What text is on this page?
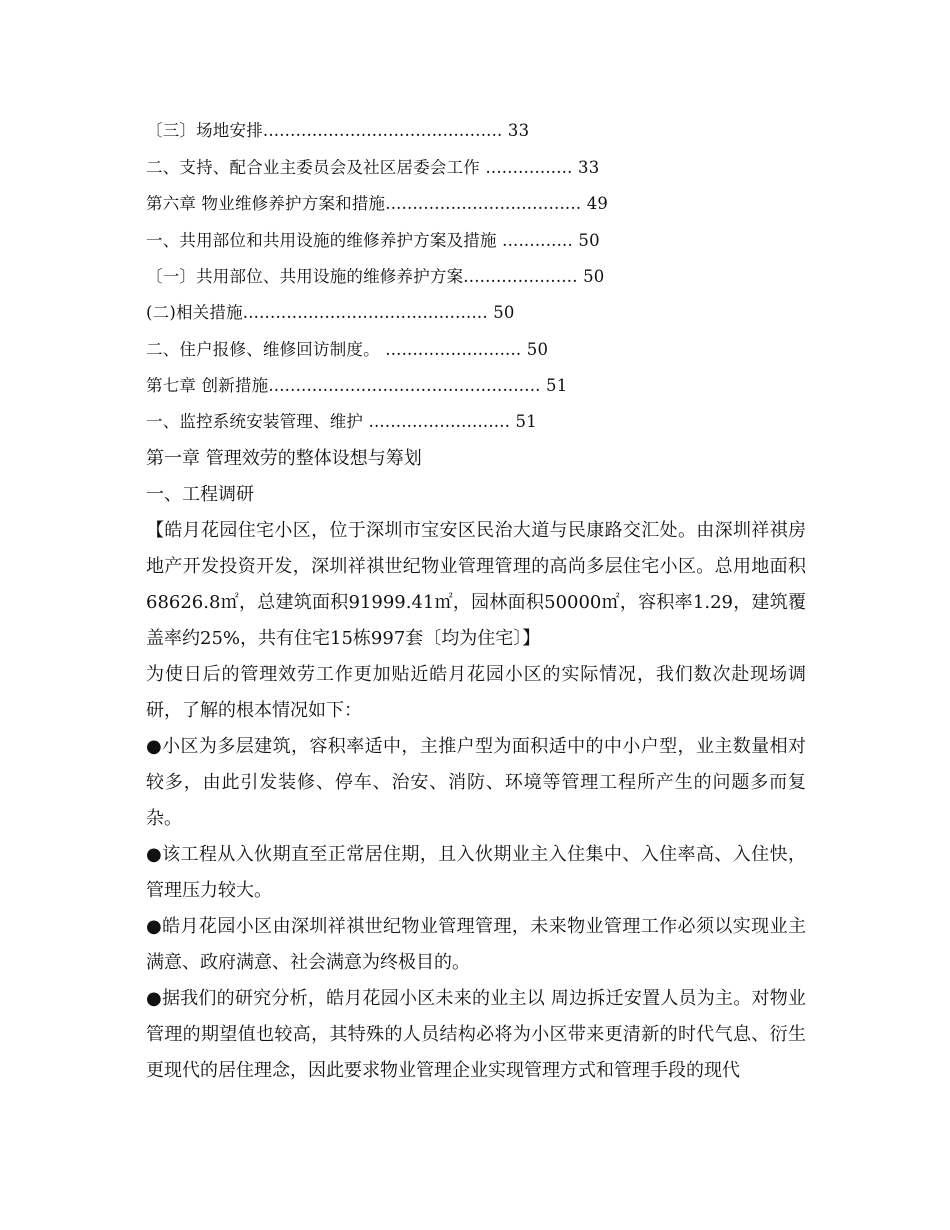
〔三〕场地安排............................................ 33
二、支持、配合业主委员会及社区居委会工作 ................ 33
第六章 物业维修养护方案和措施.................................... 49
一、共用部位和共用设施的维修养护方案及措施 ............. 50
〔一〕共用部位、共用设施的维修养护方案..................... 50
(二)相关措施............................................. 50
二、住户报修、维修回访制度。 ......................... 50
第七章 创新措施.................................................. 51
一、监控系统安装管理、维护 .......................... 51

第一章 管理效劳的整体设想与筹划

一、工程调研

【皓月花园住宅小区，位于深圳市宝安区民治大道与民康路交汇处。由深圳祥祺房地产开发投资开发，深圳祥祺世纪物业管理管理的高尚多层住宅小区。总用地面积68626.8㎡，总建筑面积91999.41㎡，园林面积50000㎡，容积率1.29，建筑覆盖率约25%，共有住宅15栋997套〔均为住宅〕】

为使日后的管理效劳工作更加贴近皓月花园小区的实际情况，我们数次赴现场调研，了解的根本情况如下：

●小区为多层建筑，容积率适中，主推户型为面积适中的中小户型，业主数量相对较多，由此引发装修、停车、治安、消防、环境等管理工程所产生的问题多而复杂。

●该工程从入伙期直至正常居住期，且入伙期业主入住集中、入住率高、入住快，管理压力较大。

●皓月花园小区由深圳祥祺世纪物业管理管理，未来物业管理工作必须以实现业主满意、政府满意、社会满意为终极目的。

●据我们的研究分析，皓月花园小区未来的业主以 周边拆迁安置人员为主。对物业管理的期望值也较高，其特殊的人员结构必将为小区带来更清新的时代气息、衍生更现代的居住理念，因此要求物业管理企业实现管理方式和管理手段的现代
